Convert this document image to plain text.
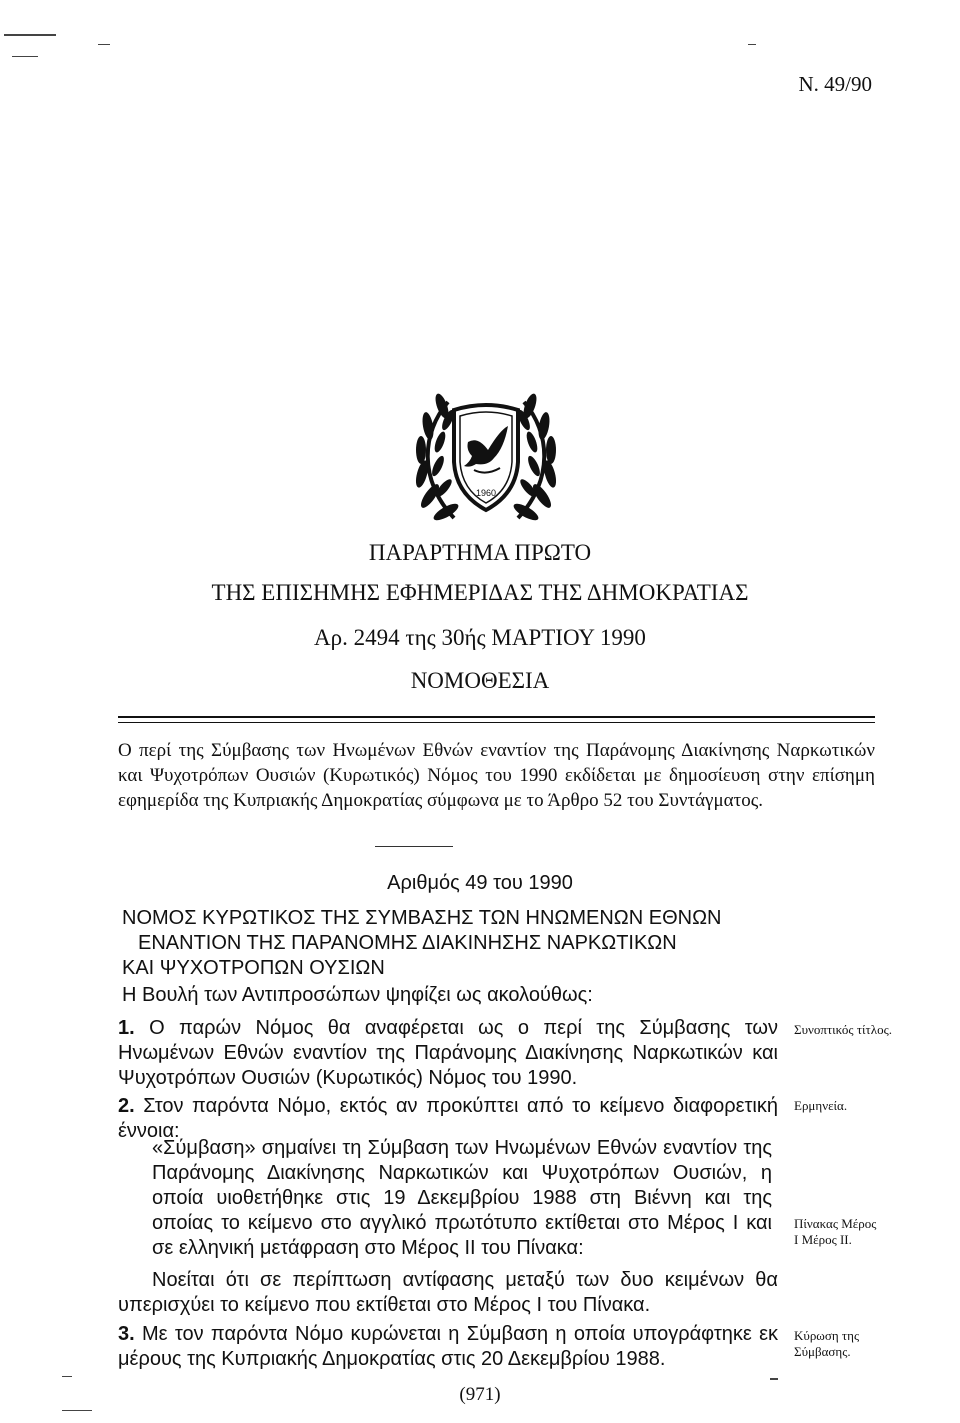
Ν. 49/90
1960
ΠΑΡΑΡΤΗΜΑ ΠΡΩΤΟ
ΤΗΣ ΕΠΙΣΗΜΗΣ ΕΦΗΜΕΡΙΔΑΣ ΤΗΣ ΔΗΜΟΚΡΑΤΙΑΣ
Αρ. 2494 της 30ής ΜΑΡΤΙΟΥ 1990
ΝΟΜΟΘΕΣΙΑ
Ο περί της Σύμβασης των Ηνωμένων Εθνών εναντίον της Παράνομης Διακίνησης Ναρκωτικών και Ψυχοτρόπων Ουσιών (Κυρωτικός) Νόμος του 1990 εκδίδεται με δημοσίευση στην επίσημη εφημερίδα της Κυπριακής Δημοκρατίας σύμφωνα με το Άρθρο 52 του Συντάγματος.
Αριθμός 49 του 1990
ΝΟΜΟΣ ΚΥΡΩΤΙΚΟΣ ΤΗΣ ΣΥΜΒΑΣΗΣ ΤΩΝ ΗΝΩΜΕΝΩΝ ΕΘΝΩΝ
ΕΝΑΝΤΙΟΝ ΤΗΣ ΠΑΡΑΝΟΜΗΣ ΔΙΑΚΙΝΗΣΗΣ ΝΑΡΚΩΤΙΚΩΝ
ΚΑΙ ΨΥΧΟΤΡΟΠΩΝ ΟΥΣΙΩΝ
Η Βουλή των Αντιπροσώπων ψηφίζει ως ακολούθως:
1. Ο παρών Νόμος θα αναφέρεται ως ο περί της Σύμβασης των Ηνωμένων Εθνών εναντίον της Παράνομης Διακίνησης Ναρκωτικών και Ψυχοτρόπων Ουσιών (Κυρωτικός) Νόμος του 1990.
Συνοπτικός τίτλος.
2. Στον παρόντα Νόμο, εκτός αν προκύπτει από το κείμενο διαφορετική έννοια:
Ερμηνεία.
«Σύμβαση» σημαίνει τη Σύμβαση των Ηνωμένων Εθνών εναντίον της Παράνομης Διακίνησης Ναρκωτικών και Ψυχοτρόπων Ουσιών, η οποία υιοθετήθηκε στις 19 Δεκεμβρίου 1988 στη Βιέννη και της οποίας το κείμενο στο αγγλικό πρωτότυπο εκτίθεται στο Μέρος Ι και σε ελληνική μετάφραση στο Μέρος ΙΙ του Πίνακα:
Πίνακας Μέρος Ι Μέρος ΙΙ.
Νοείται ότι σε περίπτωση αντίφασης μεταξύ των δυο κειμένων θα υπερισχύει το κείμενο που εκτίθεται στο Μέρος Ι του Πίνακα.
3. Με τον παρόντα Νόμο κυρώνεται η Σύμβαση η οποία υπογράφτηκε εκ μέρους της Κυπριακής Δημοκρατίας στις 20 Δεκεμβρίου 1988.
Κύρωση της Σύμβασης.
(971)
